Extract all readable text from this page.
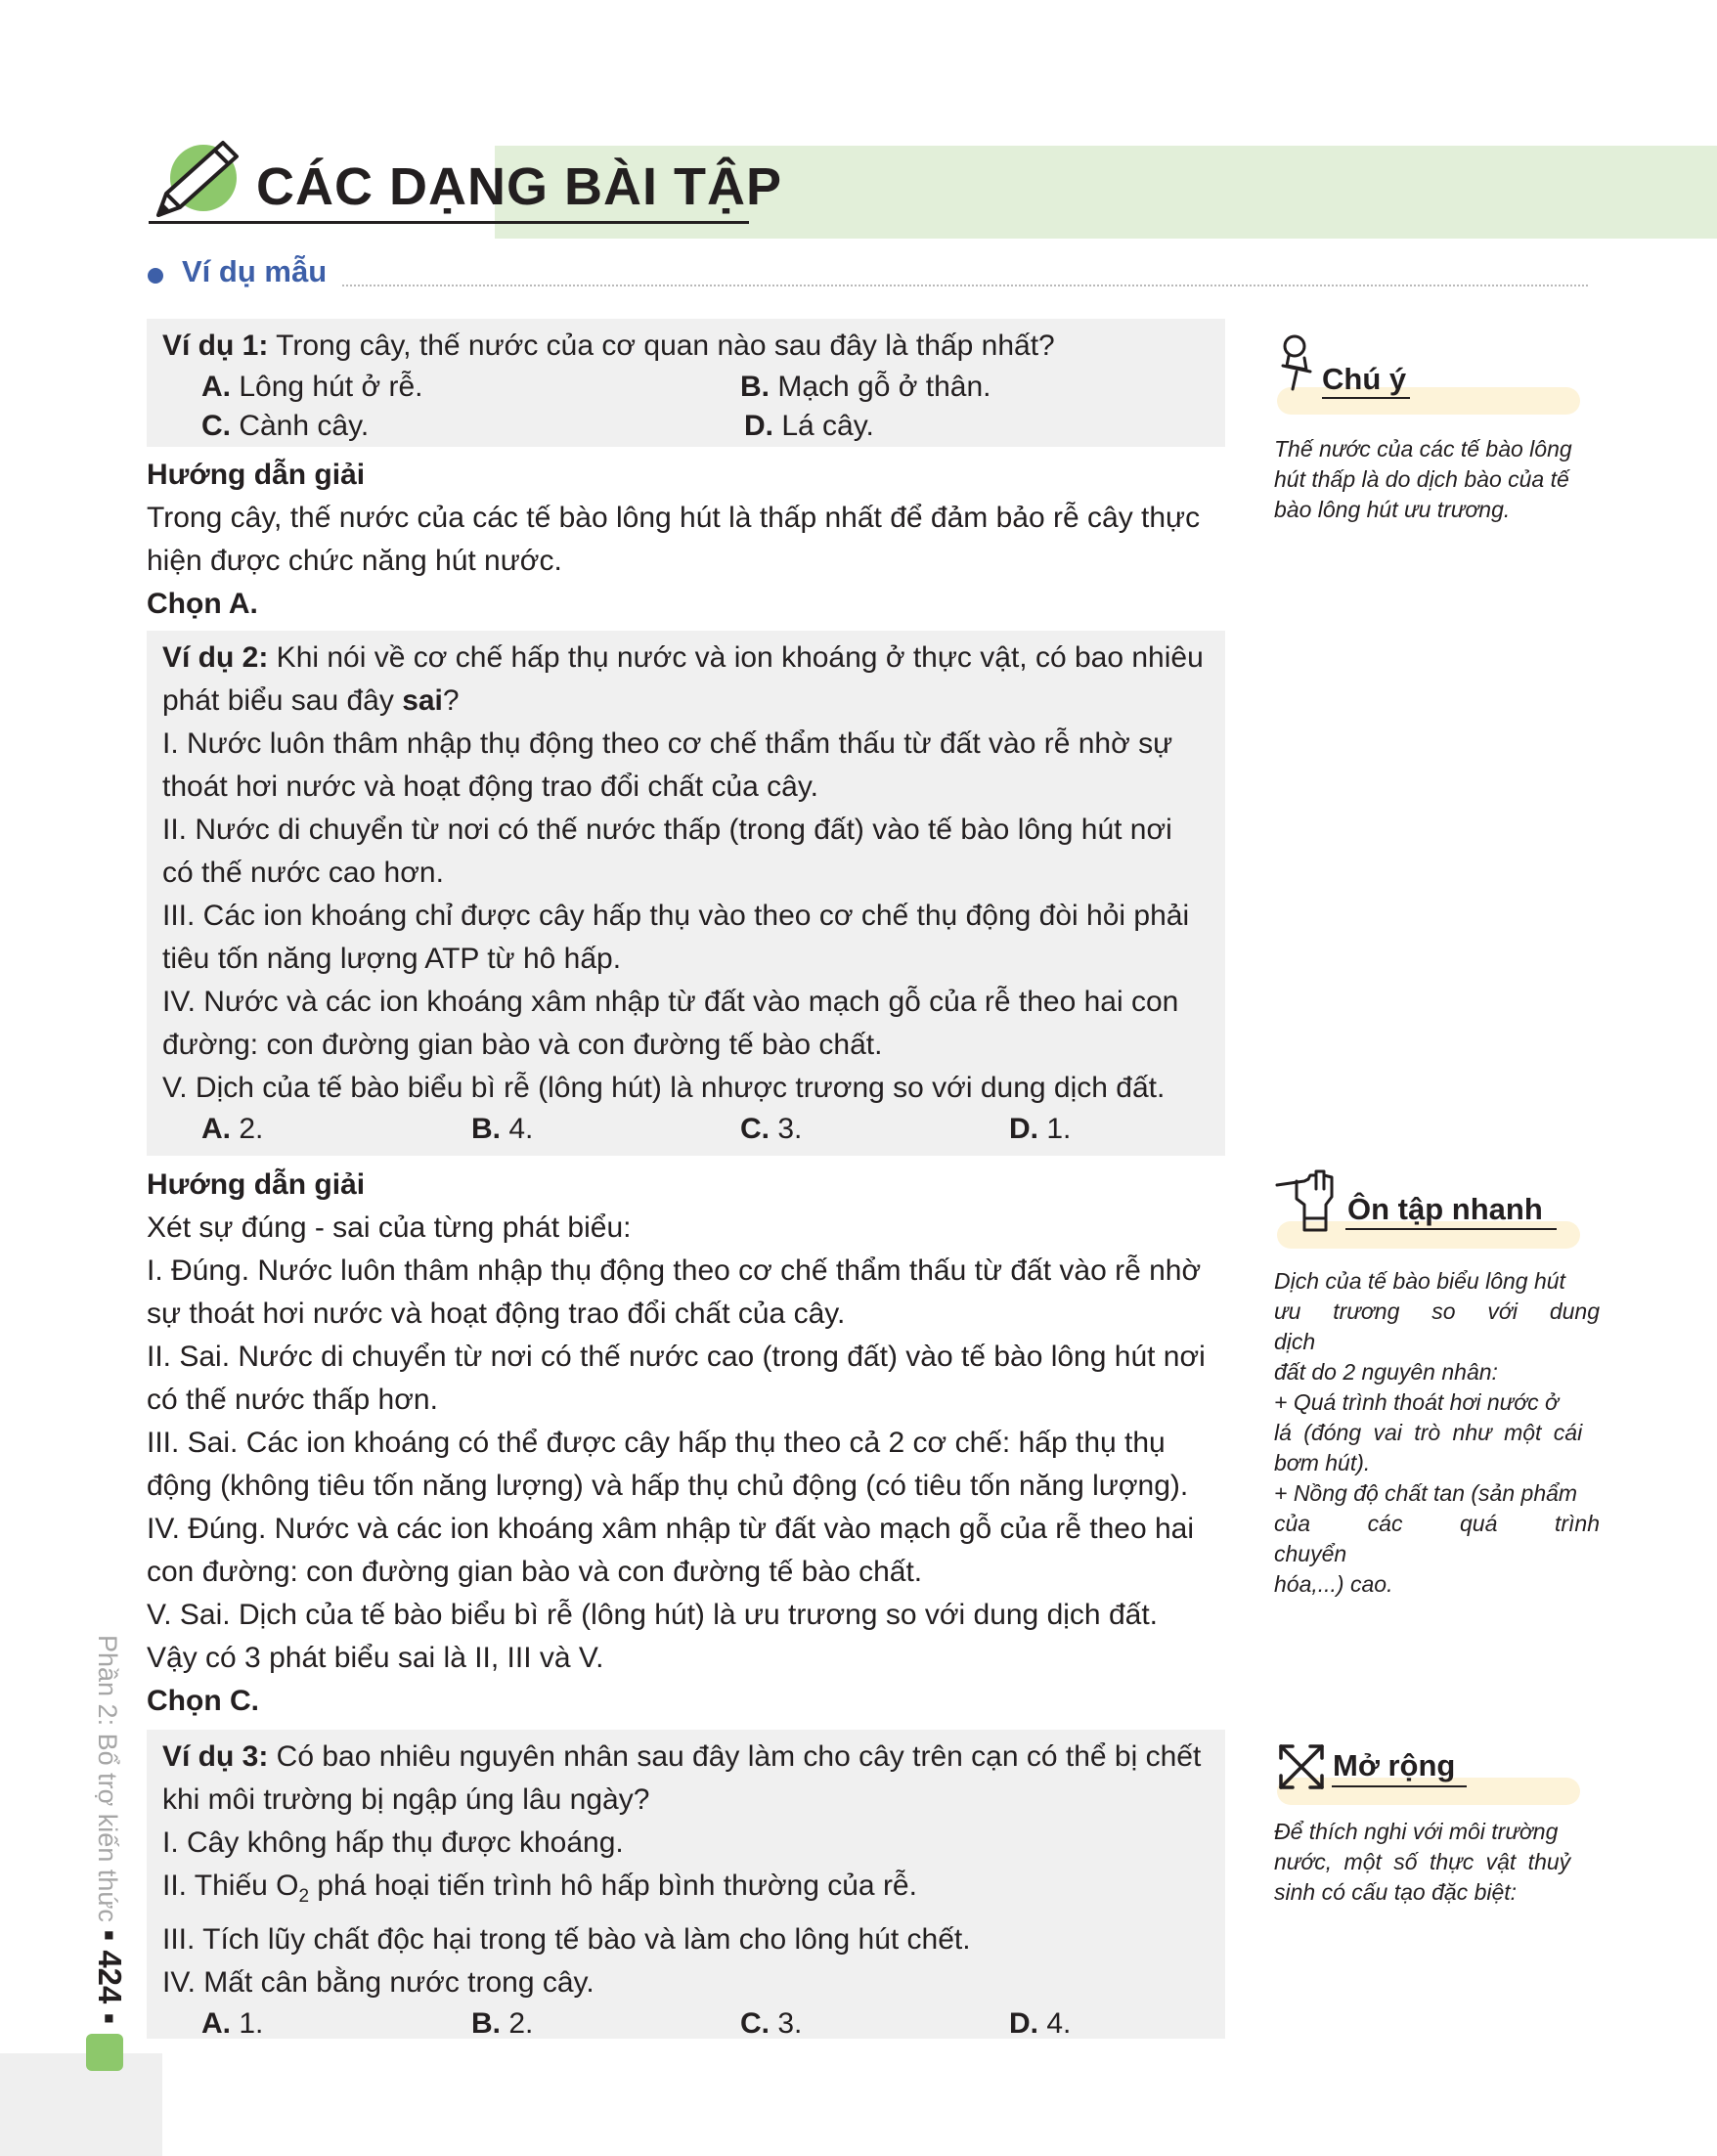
CÁC DẠNG BÀI TẬP
Ví dụ mẫu
Ví dụ 1: Trong cây, thế nước của cơ quan nào sau đây là thấp nhất?
A. Lông hút ở rễ.	B. Mạch gỗ ở thân.
C. Cành cây.	D. Lá cây.

Hướng dẫn giải

Trong cây, thế nước của các tế bào lông hút là thấp nhất để đảm bảo rễ cây thực

hiện được chức năng hút nước.

Chọn A.

Ví dụ 2: Khi nói về cơ chế hấp thụ nước và ion khoáng ở thực vật, có bao nhiêu
phát biểu sau đây sai?
I. Nước luôn thâm nhập thụ động theo cơ chế thẩm thấu từ đất vào rễ nhờ sự
thoát hơi nước và hoạt động trao đổi chất của cây.
II. Nước di chuyển từ nơi có thế nước thấp (trong đất) vào tế bào lông hút nơi
có thế nước cao hơn.
III. Các ion khoáng chỉ được cây hấp thụ vào theo cơ chế thụ động đòi hỏi phải
tiêu tốn năng lượng ATP từ hô hấp.
IV. Nước và các ion khoáng xâm nhập từ đất vào mạch gỗ của rễ theo hai con
đường: con đường gian bào và con đường tế bào chất.
V. Dịch của tế bào biểu bì rễ (lông hút) là nhược trương so với dung dịch đất.
A. 2.	B. 4.	C. 3.	D. 1.

Hướng dẫn giải

Xét sự đúng - sai của từng phát biểu:

I. Đúng. Nước luôn thâm nhập thụ động theo cơ chế thẩm thấu từ đất vào rễ nhờ

sự thoát hơi nước và hoạt động trao đổi chất của cây.

II. Sai. Nước di chuyển từ nơi có thế nước cao (trong đất) vào tế bào lông hút nơi

có thế nước thấp hơn.

III. Sai. Các ion khoáng có thể được cây hấp thụ theo cả 2 cơ chế: hấp thụ thụ

động (không tiêu tốn năng lượng) và hấp thụ chủ động (có tiêu tốn năng lượng).

IV. Đúng. Nước và các ion khoáng xâm nhập từ đất vào mạch gỗ của rễ theo hai

con đường: con đường gian bào và con đường tế bào chất.

V. Sai. Dịch của tế bào biểu bì rễ (lông hút) là ưu trương so với dung dịch đất.

Vậy có 3 phát biểu sai là II, III và V.

Chọn C.

Ví dụ 3: Có bao nhiêu nguyên nhân sau đây làm cho cây trên cạn có thể bị chết
khi môi trường bị ngập úng lâu ngày?
I. Cây không hấp thụ được khoáng.
II. Thiếu $O_2$ phá hoại tiến trình hô hấp bình thường của rễ.
III. Tích lũy chất độc hại trong tế bào và làm cho lông hút chết.
IV. Mất cân bằng nước trong cây.
A. 1.	B. 2.	C. 3.	D. 4.
Chú ý
Thế nước của các tế bào lông
hút thấp là do dịch bào của tế
bào lông hút ưu trương.
Ôn tập nhanh
Dịch của tế bào biểu lông hút
ưu trương so với dung dịch
đất do 2 nguyên nhân:
+ Quá trình thoát hơi nước ở
lá (đóng vai trò như một cái
bơm hút).
+ Nồng độ chất tan (sản phẩm
của các quá trình chuyển
hóa,...) cao.
Mở rộng
Để thích nghi với môi trường
nước, một số thực vật thuỷ
sinh có cấu tạo đặc biệt:
Phần 2: Bổ trợ kiến thức ▪ 424 ▪
